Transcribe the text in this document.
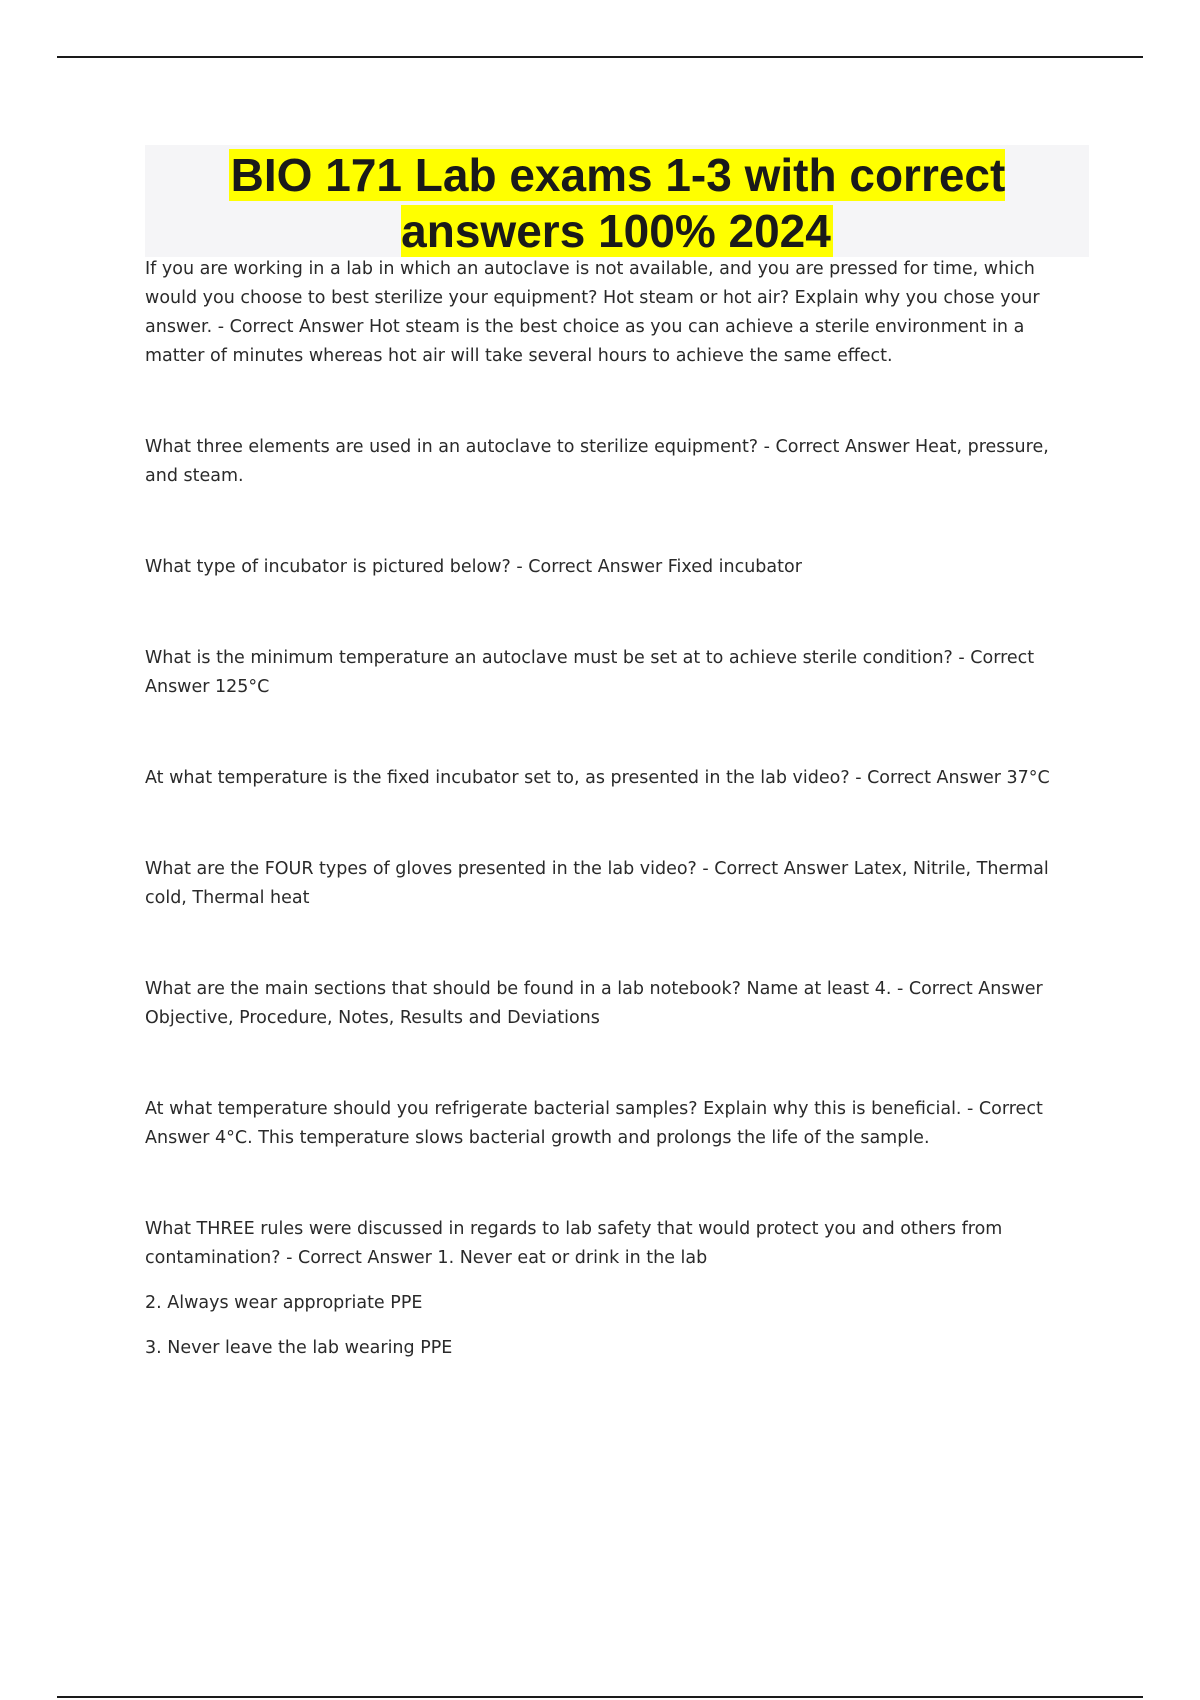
BIO 171 Lab exams 1-3 with correct answers 100% 2024

If you are working in a lab in which an autoclave is not available, and you are pressed for time, which would you choose to best sterilize your equipment? Hot steam or hot air? Explain why you chose your answer. - Correct Answer Hot steam is the best choice as you can achieve a sterile environment in a matter of minutes whereas hot air will take several hours to achieve the same effect.

What three elements are used in an autoclave to sterilize equipment? - Correct Answer Heat, pressure, and steam.

What type of incubator is pictured below? - Correct Answer Fixed incubator

What is the minimum temperature an autoclave must be set at to achieve sterile condition? - Correct Answer 125°C

At what temperature is the fixed incubator set to, as presented in the lab video? - Correct Answer 37°C

What are the FOUR types of gloves presented in the lab video? - Correct Answer Latex, Nitrile, Thermal cold, Thermal heat

What are the main sections that should be found in a lab notebook? Name at least 4. - Correct Answer Objective, Procedure, Notes, Results and Deviations

At what temperature should you refrigerate bacterial samples? Explain why this is beneficial. - Correct Answer 4°C. This temperature slows bacterial growth and prolongs the life of the sample.

What THREE rules were discussed in regards to lab safety that would protect you and others from contamination? - Correct Answer 1. Never eat or drink in the lab

2. Always wear appropriate PPE

3. Never leave the lab wearing PPE
